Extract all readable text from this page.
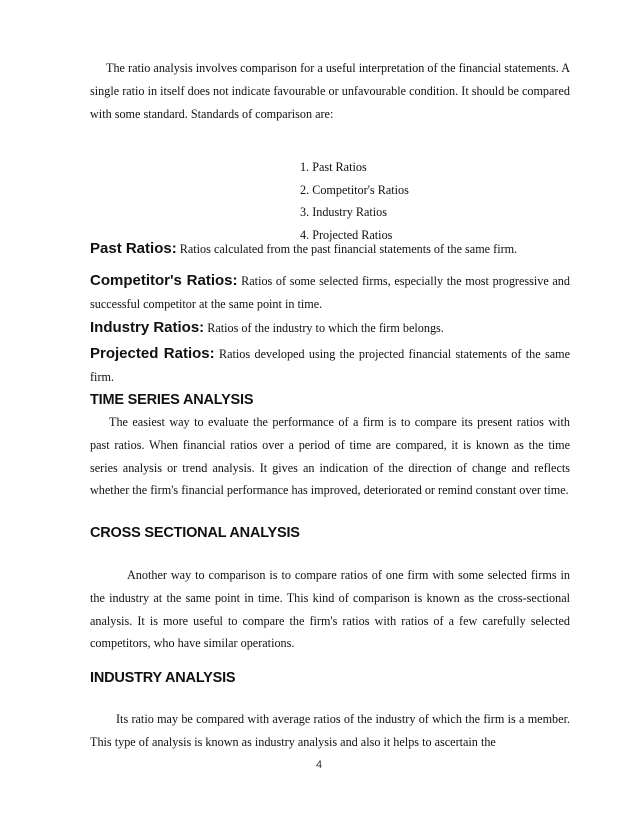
The ratio analysis involves comparison for a useful interpretation of the financial statements. A single ratio in itself does not indicate favourable or unfavourable condition. It should be compared with some standard. Standards of comparison are:

1. Past Ratios
2. Competitor's Ratios
3. Industry Ratios
4. Projected Ratios

Past Ratios: Ratios calculated from the past financial statements of the same firm.

Competitor's Ratios: Ratios of some selected firms, especially the most progressive and successful competitor at the same point in time.

Industry Ratios: Ratios of the industry to which the firm belongs.

Projected Ratios: Ratios developed using the projected financial statements of the same firm.

TIME SERIES ANALYSIS

The easiest way to evaluate the performance of a firm is to compare its present ratios with past ratios. When financial ratios over a period of time are compared, it is known as the time series analysis or trend analysis. It gives an indication of the direction of change and reflects whether the firm's financial performance has improved, deteriorated or remind constant over time.

CROSS SECTIONAL ANALYSIS

Another way to comparison is to compare ratios of one firm with some selected firms in the industry at the same point in time. This kind of comparison is known as the cross-sectional analysis. It is more useful to compare the firm's ratios with ratios of a few carefully selected competitors, who have similar operations.

INDUSTRY ANALYSIS

Its ratio may be compared with average ratios of the industry of which the firm is a member. This type of analysis is known as industry analysis and also it helps to ascertain the

4
